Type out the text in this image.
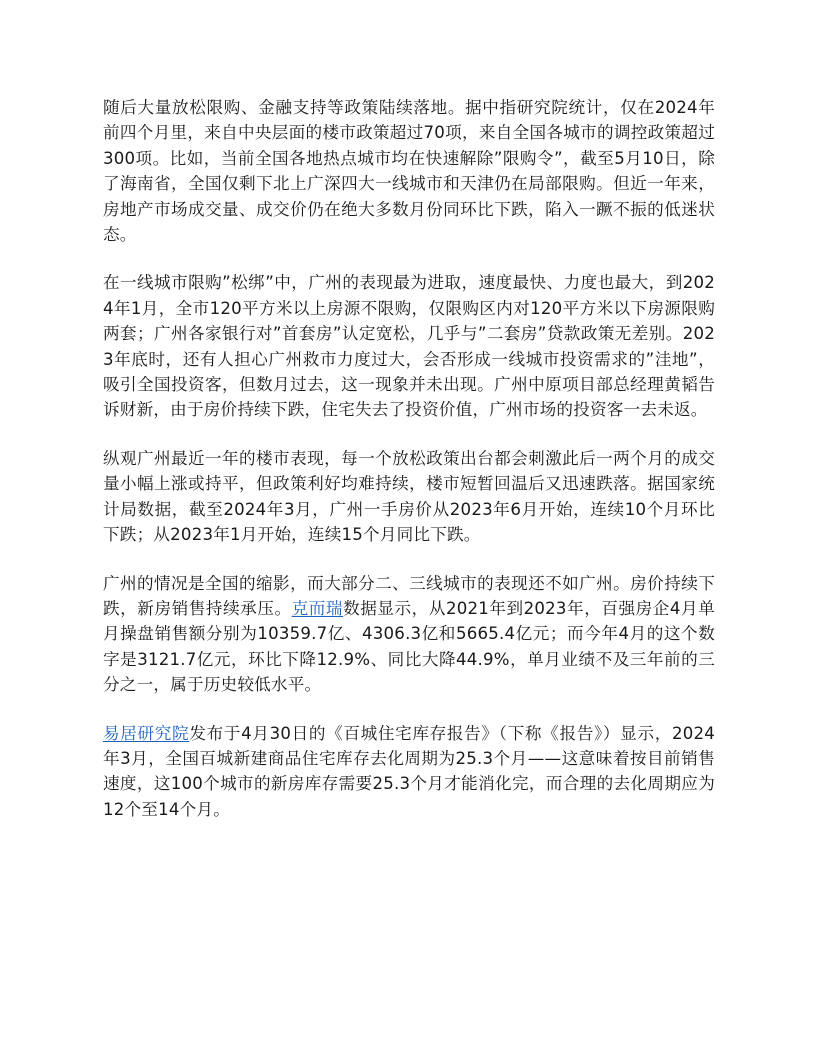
随后大量放松限购、金融支持等政策陆续落地。据中指研究院统计，仅在2024年前四个月里，来自中央层面的楼市政策超过70项，来自全国各城市的调控政策超过300项。比如，当前全国各地热点城市均在快速解除”限购令”，截至5月10日，除了海南省，全国仅剩下北上广深四大一线城市和天津仍在局部限购。但近一年来，房地产市场成交量、成交价仍在绝大多数月份同环比下跌，陷入一蹶不振的低迷状态。

在一线城市限购”松绑”中，广州的表现最为进取，速度最快、力度也最大，到2024年1月，全市120平方米以上房源不限购，仅限购区内对120平方米以下房源限购两套；广州各家银行对”首套房”认定宽松，几乎与”二套房”贷款政策无差别。2023年底时，还有人担心广州救市力度过大，会否形成一线城市投资需求的”洼地”，吸引全国投资客，但数月过去，这一现象并未出现。广州中原项目部总经理黄韬告诉财新，由于房价持续下跌，住宅失去了投资价值，广州市场的投资客一去未返。

纵观广州最近一年的楼市表现，每一个放松政策出台都会刺激此后一两个月的成交量小幅上涨或持平，但政策利好均难持续，楼市短暂回温后又迅速跌落。据国家统计局数据，截至2024年3月，广州一手房价从2023年6月开始，连续10个月环比下跌；从2023年1月开始，连续15个月同比下跌。

广州的情况是全国的缩影，而大部分二、三线城市的表现还不如广州。房价持续下跌，新房销售持续承压。克而瑞数据显示，从2021年到2023年，百强房企4月单月操盘销售额分别为10359.7亿、4306.3亿和5665.4亿元；而今年4月的这个数字是3121.7亿元，环比下降12.9%、同比大降44.9%，单月业绩不及三年前的三分之一，属于历史较低水平。

易居研究院发布于4月30日的《百城住宅库存报告》（下称《报告》）显示，2024年3月，全国百城新建商品住宅库存去化周期为25.3个月——这意味着按目前销售速度，这100个城市的新房库存需要25.3个月才能消化完，而合理的去化周期应为12个至14个月。
